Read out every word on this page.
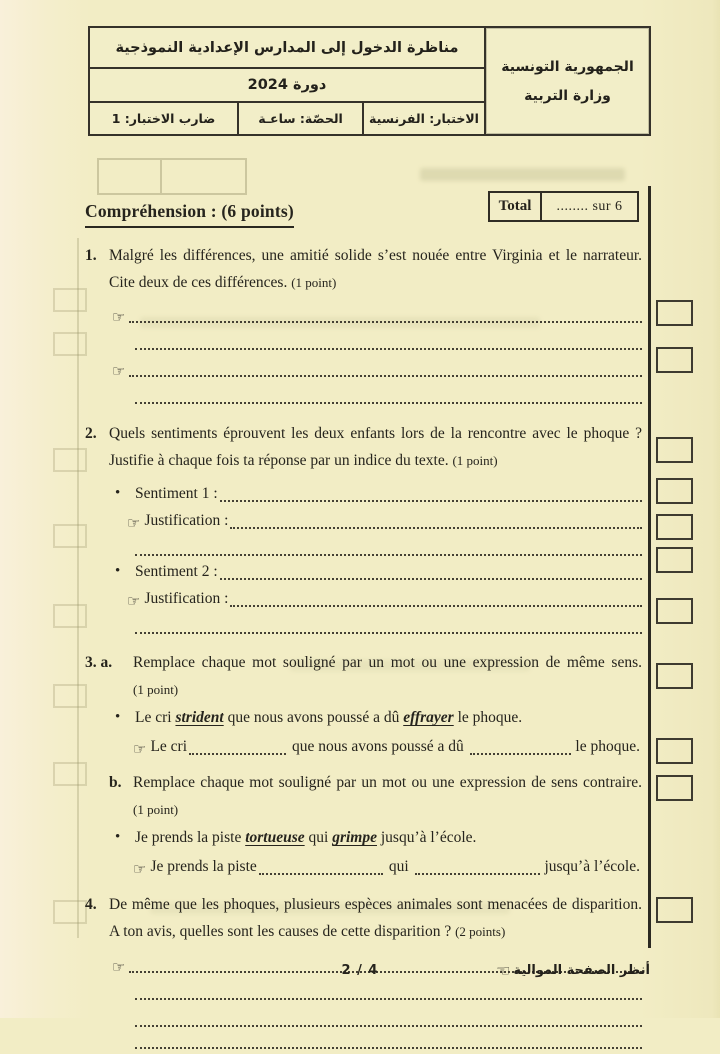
مناظرة الدخول إلى المدارس الإعدادية النموذجية
دورة 2024
ضارب الاختبار: 1	الحصّة: ساعـة الاختبار: الفرنسية
الجمهورية التونسية
وزارة التربية
Total	........ sur 6
Compréhension : (6 points)
1. Malgré les différences, une amitié solide s’est nouée entre Virginia et le narrateur. Cite deux de ces différences. (1 point)
☞
☞
2. Quels sentiments éprouvent les deux enfants lors de la rencontre avec le phoque ? Justifie à chaque fois ta réponse par un indice du texte. (1 point)
• Sentiment 1 :
☞ Justification :
• Sentiment 2 :
☞ Justification :
3. a. Remplace chaque mot souligné par un mot ou une expression de même sens. (1 point)
• Le cri strident que nous avons poussé a dû effrayer le phoque.
☞ Le cri	que nous avons poussé a dû	le phoque.
b. Remplace chaque mot souligné par un mot ou une expression de sens contraire. (1 point)
• Je prends la piste tortueuse qui grimpe jusqu’à l’école.
☞ Je prends la piste	qui	jusqu’à l’école.
4. De même que les phoques, plusieurs espèces animales sont menacées de disparition. A ton avis, quelles sont les causes de cette disparition ? (2 points)
☞	2 / 4	☜ أنظر الصفحة الموالية
